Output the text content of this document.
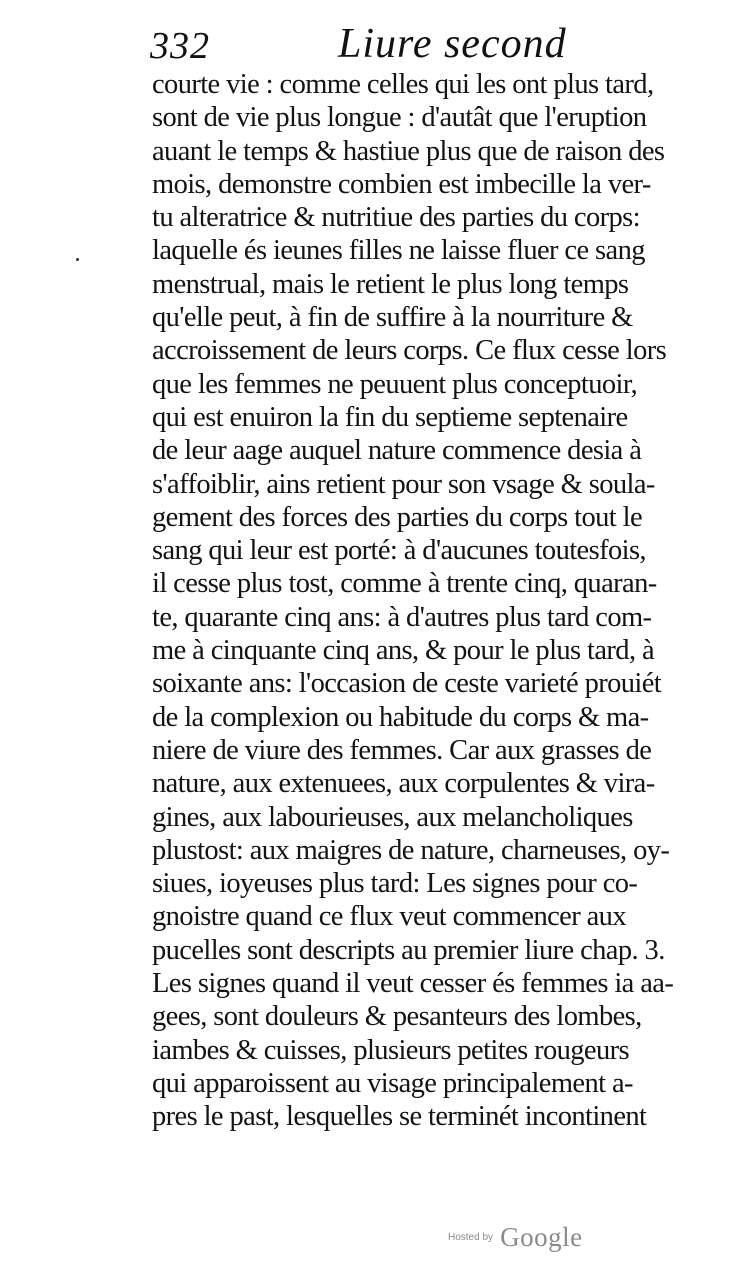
332	Liure second
courte vie : comme celles qui les ont plus tard,
sont de vie plus longue : d'autât que l'eruption
auant le temps & hastiue plus que de raison des
mois, demonstre combien est imbecille la ver-
tu alteratrice & nutritiue des parties du corps:
laquelle és ieunes filles ne laisse fluer ce sang
menstrual, mais le retient le plus long temps
qu'elle peut, à fin de suffire à la nourriture &
accroissement de leurs corps. Ce flux cesse lors
que les femmes ne peuuent plus conceptuoir,
qui est enuiron la fin du septieme septenaire
de leur aage auquel nature commence desia à
s'affoiblir, ains retient pour son vsage & soula-
gement des forces des parties du corps tout le
sang qui leur est porté: à d'aucunes toutesfois,
il cesse plus tost, comme à trente cinq, quaran-
te, quarante cinq ans: à d'autres plus tard com-
me à cinquante cinq ans, & pour le plus tard, à
soixante ans: l'occasion de ceste varieté prouiét
de la complexion ou habitude du corps & ma-
niere de viure des femmes. Car aux grasses de
nature, aux extenuees, aux corpulentes & vira-
gines, aux labourieuses, aux melancholiques
plustost: aux maigres de nature, charneuses, oy-
siues, ioyeuses plus tard: Les signes pour co-
gnoistre quand ce flux veut commencer aux
pucelles sont descripts au premier liure chap. 3.
Les signes quand il veut cesser és femmes ia aa-
gees, sont douleurs & pesanteurs des lombes,
iambes & cuisses, plusieurs petites rougeurs
qui apparoissent au visage principalement a-
pres le past, lesquelles se terminét incontinent
Hosted by Google
